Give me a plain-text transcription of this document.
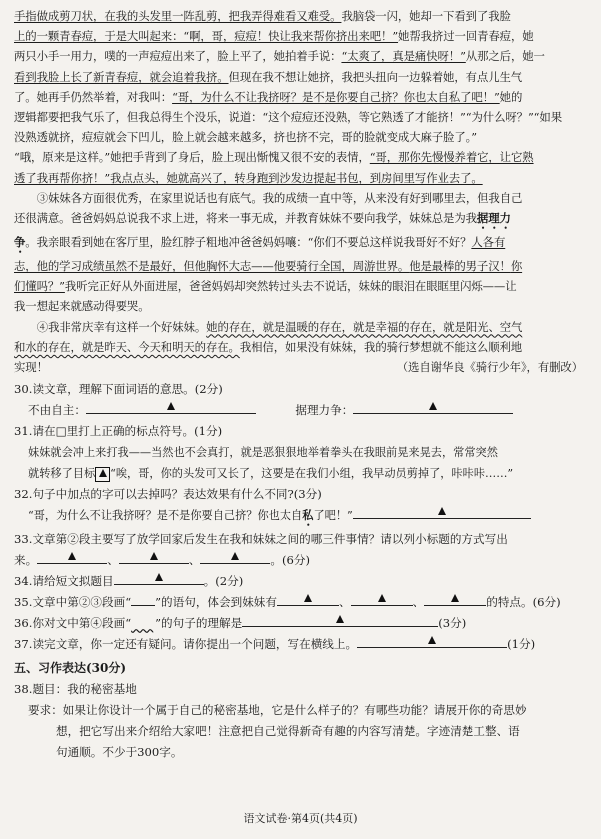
手指做成剪刀状，在我的头发里一阵乱剪，把我弄得难看又难受。我脑袋一闪，她却一下看到了我脸

上的一颗青春痘，于是大叫起来：“啊，哥，痘痘！快让我来帮你挤出来吧！”她帮我挤过一回青春痘，她

两只小手一用力，噗的一声痘痘出来了，脸上平了，她拍着手说：“太爽了，真是痛快呀！”从那之后，她一

看到我脸上长了新青春痘，就会追着我挤。但现在我不想让她挤，我把头扭向一边躲着她，有点儿生气

了。她再手仍然举着，对我叫：“哥，为什么不让我挤呀？是不是你要自己挤？你也太自私了吧！”她的

逻辑都要把我气乐了，但我总得生个没乐，说道：“这个痘痘还没熟，等它熟透了才能挤！”“为什么呀？”“如果

没熟透就挤，痘痘就会下凹儿，脸上就会越来越多，挤也挤不完，哥的脸就变成大麻子脸了。”

“哦，原来是这样。”她把手背到了身后，脸上现出惭愧又很不安的表情，“哥，那你先慢慢养着它，让它熟

透了我再帮你挤！”我点点头，她就高兴了，转身跑到沙发边提起书包，到房间里写作业去了。

③妹妹各方面很优秀，在家里说话也有底气。我的成绩一直中等，从来没有好到哪里去，但我自己

还很满意。爸爸妈妈总说我不求上进，将来一事无成，并教育妹妹不要向我学，妹妹总是为我据理力

争。我亲眼看到她在客厅里，脸红脖子粗地冲爸爸妈妈嚷：“你们不要总这样说我哥好不好？人各有

志，他的学习成绩虽然不是最好，但他胸怀大志——他要骑行全国，周游世界。他是最棒的男子汉！你

们懂吗？”我听完正好从外面进屋，爸爸妈妈却突然转过头去不说话，妹妹的眼泪在眼眶里闪烁——让

我一想起来就感动得要哭。

④我非常庆幸有这样一个好妹妹。她的存在，就是温暖的存在，就是幸福的存在，就是阳光、空气

和水的存在，就是昨天、今天和明天的存在。我相信，如果没有妹妹，我的骑行梦想就不能这么顺利地

实现！	（选自谢华良《骑行少年》，有删改）

30.读文章，理解下面词语的意思。(2分)

不由自主：	据理力争：

31.请在□里打上正确的标点符号。(1分)

妹妹就会冲上来打我——当然也不会真打，就是恶狠狠地举着拳头在我眼前晃来晃去，常常突然

就转移了目标 “唉，哥，你的头发可又长了，这要是在我们小组，我早动员剪掉了，咔咔咔……”

32.句子中加点的字可以去掉吗？表达效果有什么不同?(3分)

“哥，为什么不让我挤呀？是不是你要自己挤？你也太自私了吧！”

33.文章第②段主要写了放学回家后发生在我和妹妹之间的哪三件事情？请以列小标题的方式写出

来。	、	、	。(6分)

34.请给短文拟题目	。(2分)

35.文章中第②③段画“ ”的语句，体会到妹妹有	、	、	的特点。(6分)

36.你对文中第④段画“ ”的句子的理解是	(3分)

37.读完文章，你一定还有疑问。请你提出一个问题，写在横线上。	(1分)

五、习作表达(30分)

38.题目：我的秘密基地

要求：如果让你设计一个属于自己的秘密基地，它是什么样子的？有哪些功能？请展开你的奇思妙

想，把它写出来介绍给大家吧！注意把自己觉得新奇有趣的内容写清楚。字迹清楚工整、语

句通顺。不少于300字。

语文试卷·第4页(共4页)
